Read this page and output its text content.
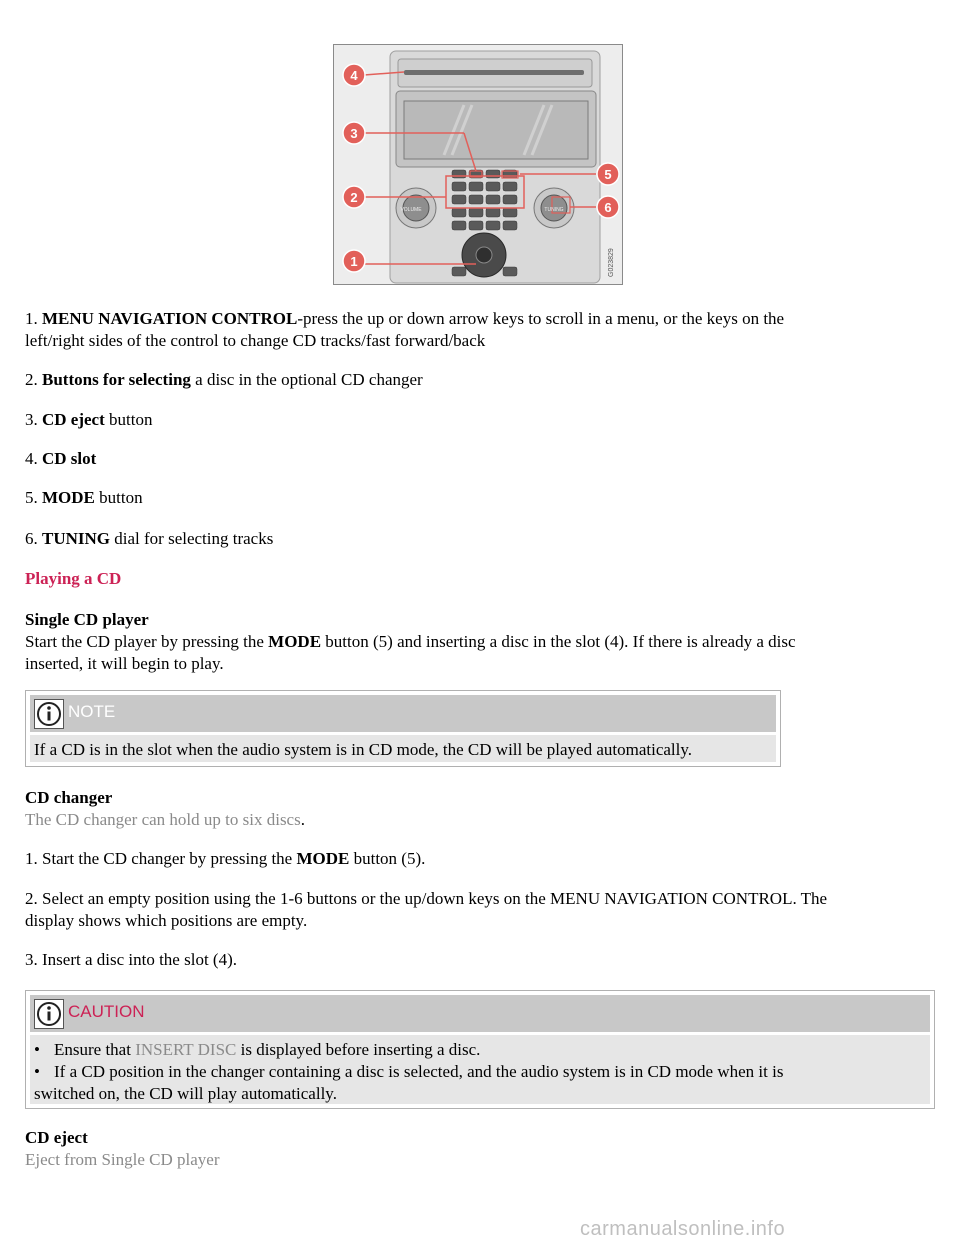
4
3
2
1
5
6
VOLUME	TUNING
G023829

1. MENU NAVIGATION CONTROL-press the up or down arrow keys to scroll in a menu, or the keys on the
left/right sides of the control to change CD tracks/fast forward/back

2. Buttons for selecting a disc in the optional CD changer

3. CD eject button

4. CD slot

5. MODE button

6. TUNING dial for selecting tracks

Playing a CD

Single CD player
Start the CD player by pressing the MODE button (5) and inserting a disc in the slot (4). If there is already a disc
inserted, it will begin to play.

NOTE
If a CD is in the slot when the audio system is in CD mode, the CD will be played automatically.

CD changer
The CD changer can hold up to six discs.

1. Start the CD changer by pressing the MODE button (5).

2. Select an empty position using the 1-6 buttons or the up/down keys on the MENU NAVIGATION CONTROL. The
display shows which positions are empty.

3. Insert a disc into the slot (4).

CAUTION
• Ensure that INSERT DISC is displayed before inserting a disc.
• If a CD position in the changer containing a disc is selected, and the audio system is in CD mode when it is
switched on, the CD will play automatically.

CD eject
Eject from Single CD player

carmanualsonline.info
